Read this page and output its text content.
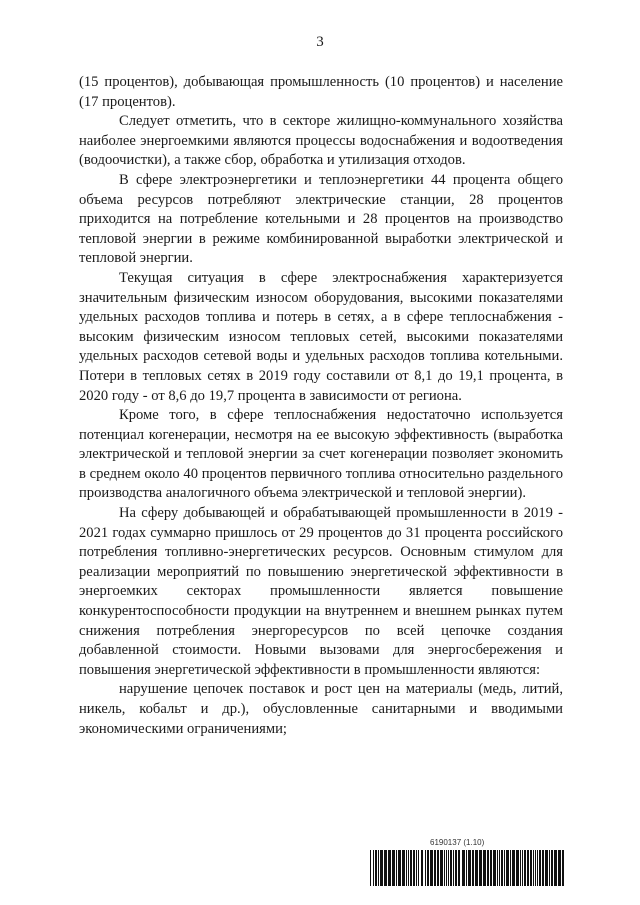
3

(15 процентов), добывающая промышленность (10 процентов) и население (17 процентов).

Следует отметить, что в секторе жилищно-коммунального хозяйства наиболее энергоемкими являются процессы водоснабжения и водоотведения (водоочистки), а также сбор, обработка и утилизация отходов.

В сфере электроэнергетики и теплоэнергетики 44 процента общего объема ресурсов потребляют электрические станции, 28 процентов приходится на потребление котельными и 28 процентов на производство тепловой энергии в режиме комбинированной выработки электрической и тепловой энергии.

Текущая ситуация в сфере электроснабжения характеризуется значительным физическим износом оборудования, высокими показателями удельных расходов топлива и потерь в сетях, а в сфере теплоснабжения - высоким физическим износом тепловых сетей, высокими показателями удельных расходов сетевой воды и удельных расходов топлива котельными. Потери в тепловых сетях в 2019 году составили от 8,1 до 19,1 процента, в 2020 году - от 8,6 до 19,7 процента в зависимости от региона.

Кроме того, в сфере теплоснабжения недостаточно используется потенциал когенерации, несмотря на ее высокую эффективность (выработка электрической и тепловой энергии за счет когенерации позволяет экономить в среднем около 40 процентов первичного топлива относительно раздельного производства аналогичного объема электрической и тепловой энергии).

На сферу добывающей и обрабатывающей промышленности в 2019 - 2021 годах суммарно пришлось от 29 процентов до 31 процента российского потребления топливно-энергетических ресурсов. Основным стимулом для реализации мероприятий по повышению энергетической эффективности в энергоемких секторах промышленности является повышение конкурентоспособности продукции на внутреннем и внешнем рынках путем снижения потребления энергоресурсов по всей цепочке создания добавленной стоимости. Новыми вызовами для энергосбережения и повышения энергетической эффективности в промышленности являются:

нарушение цепочек поставок и рост цен на материалы (медь, литий, никель, кобальт и др.), обусловленные санитарными и вводимыми экономическими ограничениями;

6190137 (1.10)
